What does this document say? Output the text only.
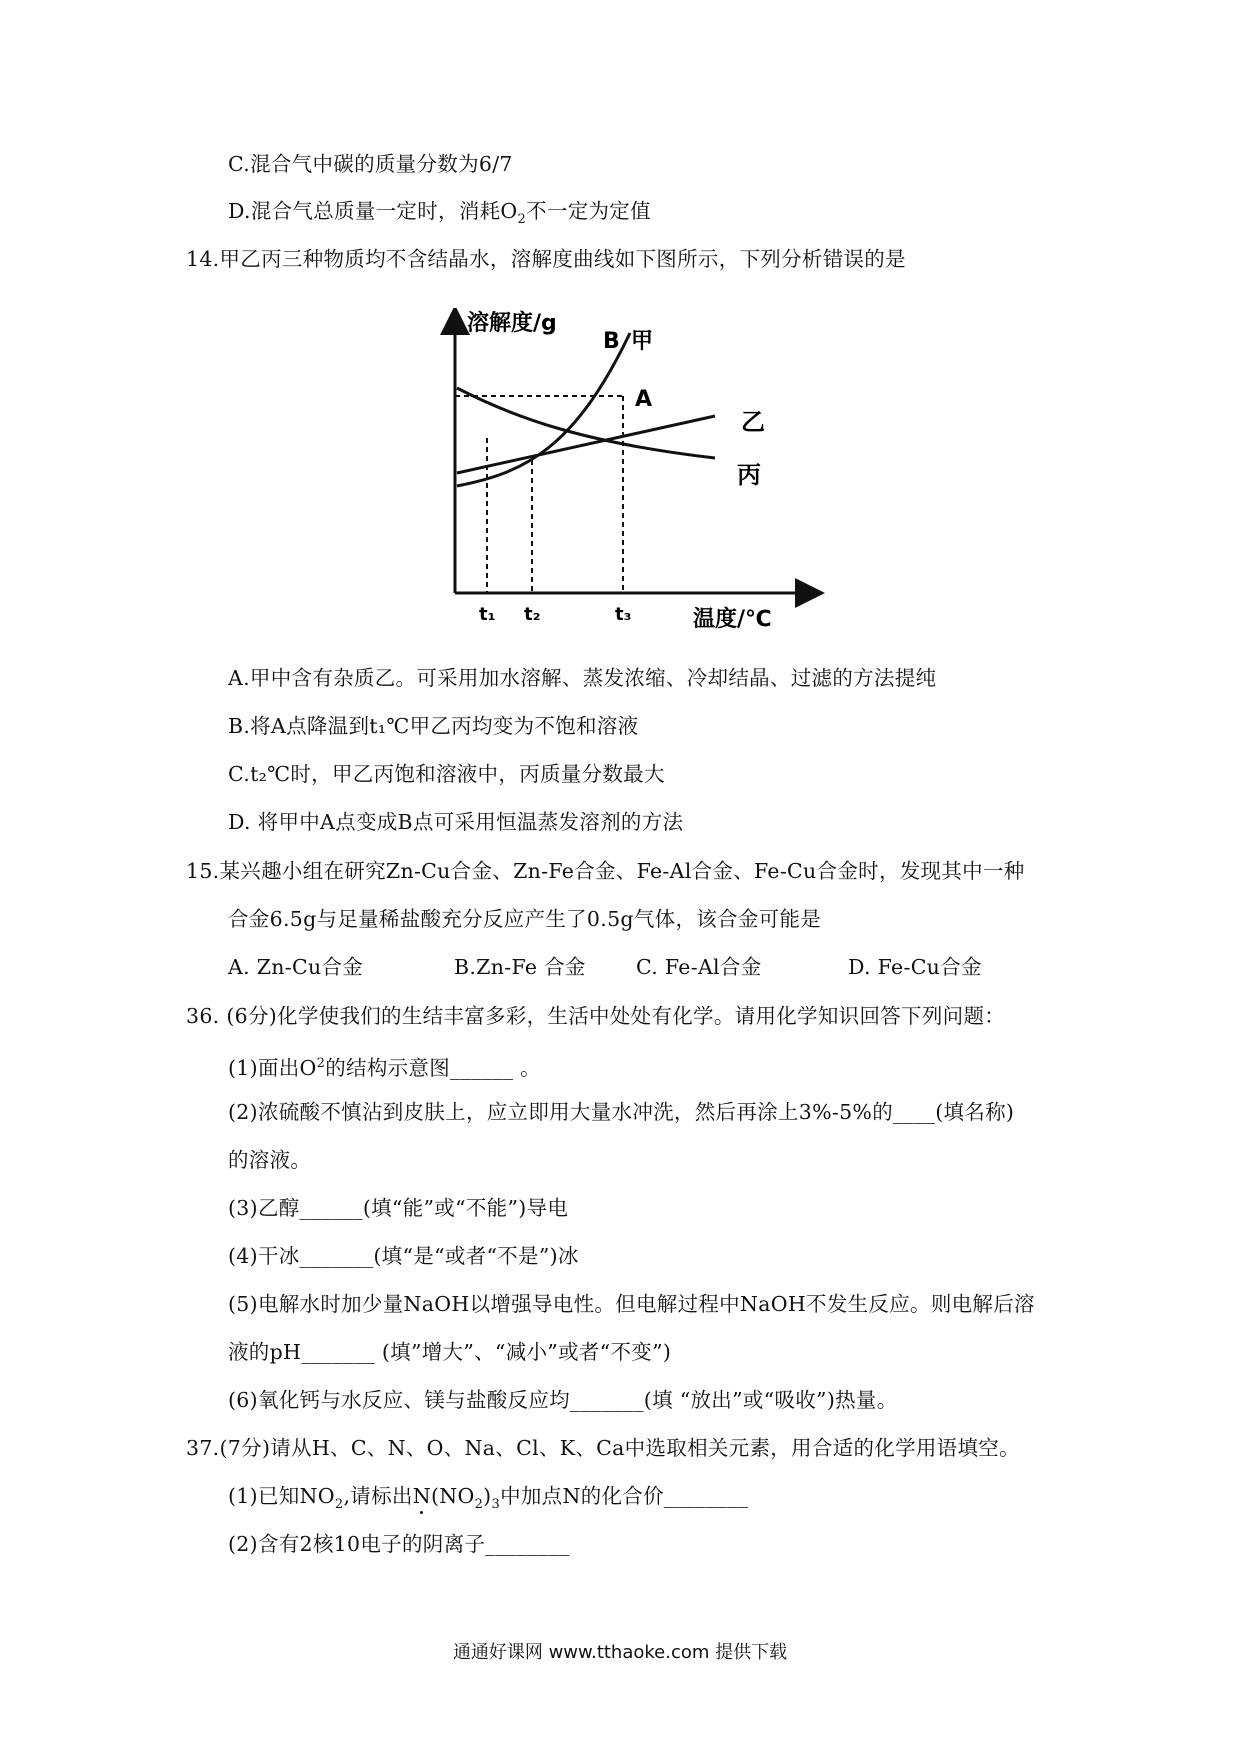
C.混合气中碳的质量分数为6/7
D.混合气总质量一定时，消耗$O_2$不一定为定值
14.甲乙丙三种物质均不含结晶水，溶解度曲线如下图所示，下列分析错误的是
溶解度/g
B 甲
A
乙
丙
t₁ t₂	t₃	温度/℃
A.甲中含有杂质乙。可采用加水溶解、蒸发浓缩、冷却结晶、过滤的方法提纯
B.将A点降温到t₁℃甲乙丙均变为不饱和溶液
C.t₂℃时，甲乙丙饱和溶液中，丙质量分数最大
D. 将甲中A点变成B点可采用恒温蒸发溶剂的方法
15.某兴趣小组在研究Zn-Cu合金、Zn-Fe合金、Fe-Al合金、Fe-Cu合金时，发现其中一种
合金6.5g与足量稀盐酸充分反应产生了0.5g气体，该合金可能是
A. Zn-Cu合金	B.Zn-Fe 合金 C. Fe-Al合金	D. Fe-Cu合金
36. (6分)化学使我们的生结丰富多彩，生活中处处有化学。请用化学知识回答下列问题：
(1)面出$O^2$的结构示意图______ 。
(2)浓硫酸不慎沾到皮肤上，应立即用大量水冲洗，然后再涂上3%-5%的____(填名称)
的溶液。
(3)乙醇______(填“能”或“不能”)导电
(4)干冰_______(填“是“或者“不是”)冰
(5)电解水时加少量NaOH以增强导电性。但电解过程中NaOH不发生反应。则电解后溶
液的pH_______ (填”增大”、“减小”或者“不变”)
(6)氧化钙与水反应、镁与盐酸反应均_______(填 “放出”或“吸收”)热量。
37.(7分)请从H、C、N、O、Na、Cl、K、Ca中选取相关元素，用合适的化学用语填空。
(1)已知$NO_2$,请标出$N(NO_2)_3$中加点N的化合价________
(2)含有2核10电子的阴离子________
通通好课网 www.tthaoke.com 提供下载
